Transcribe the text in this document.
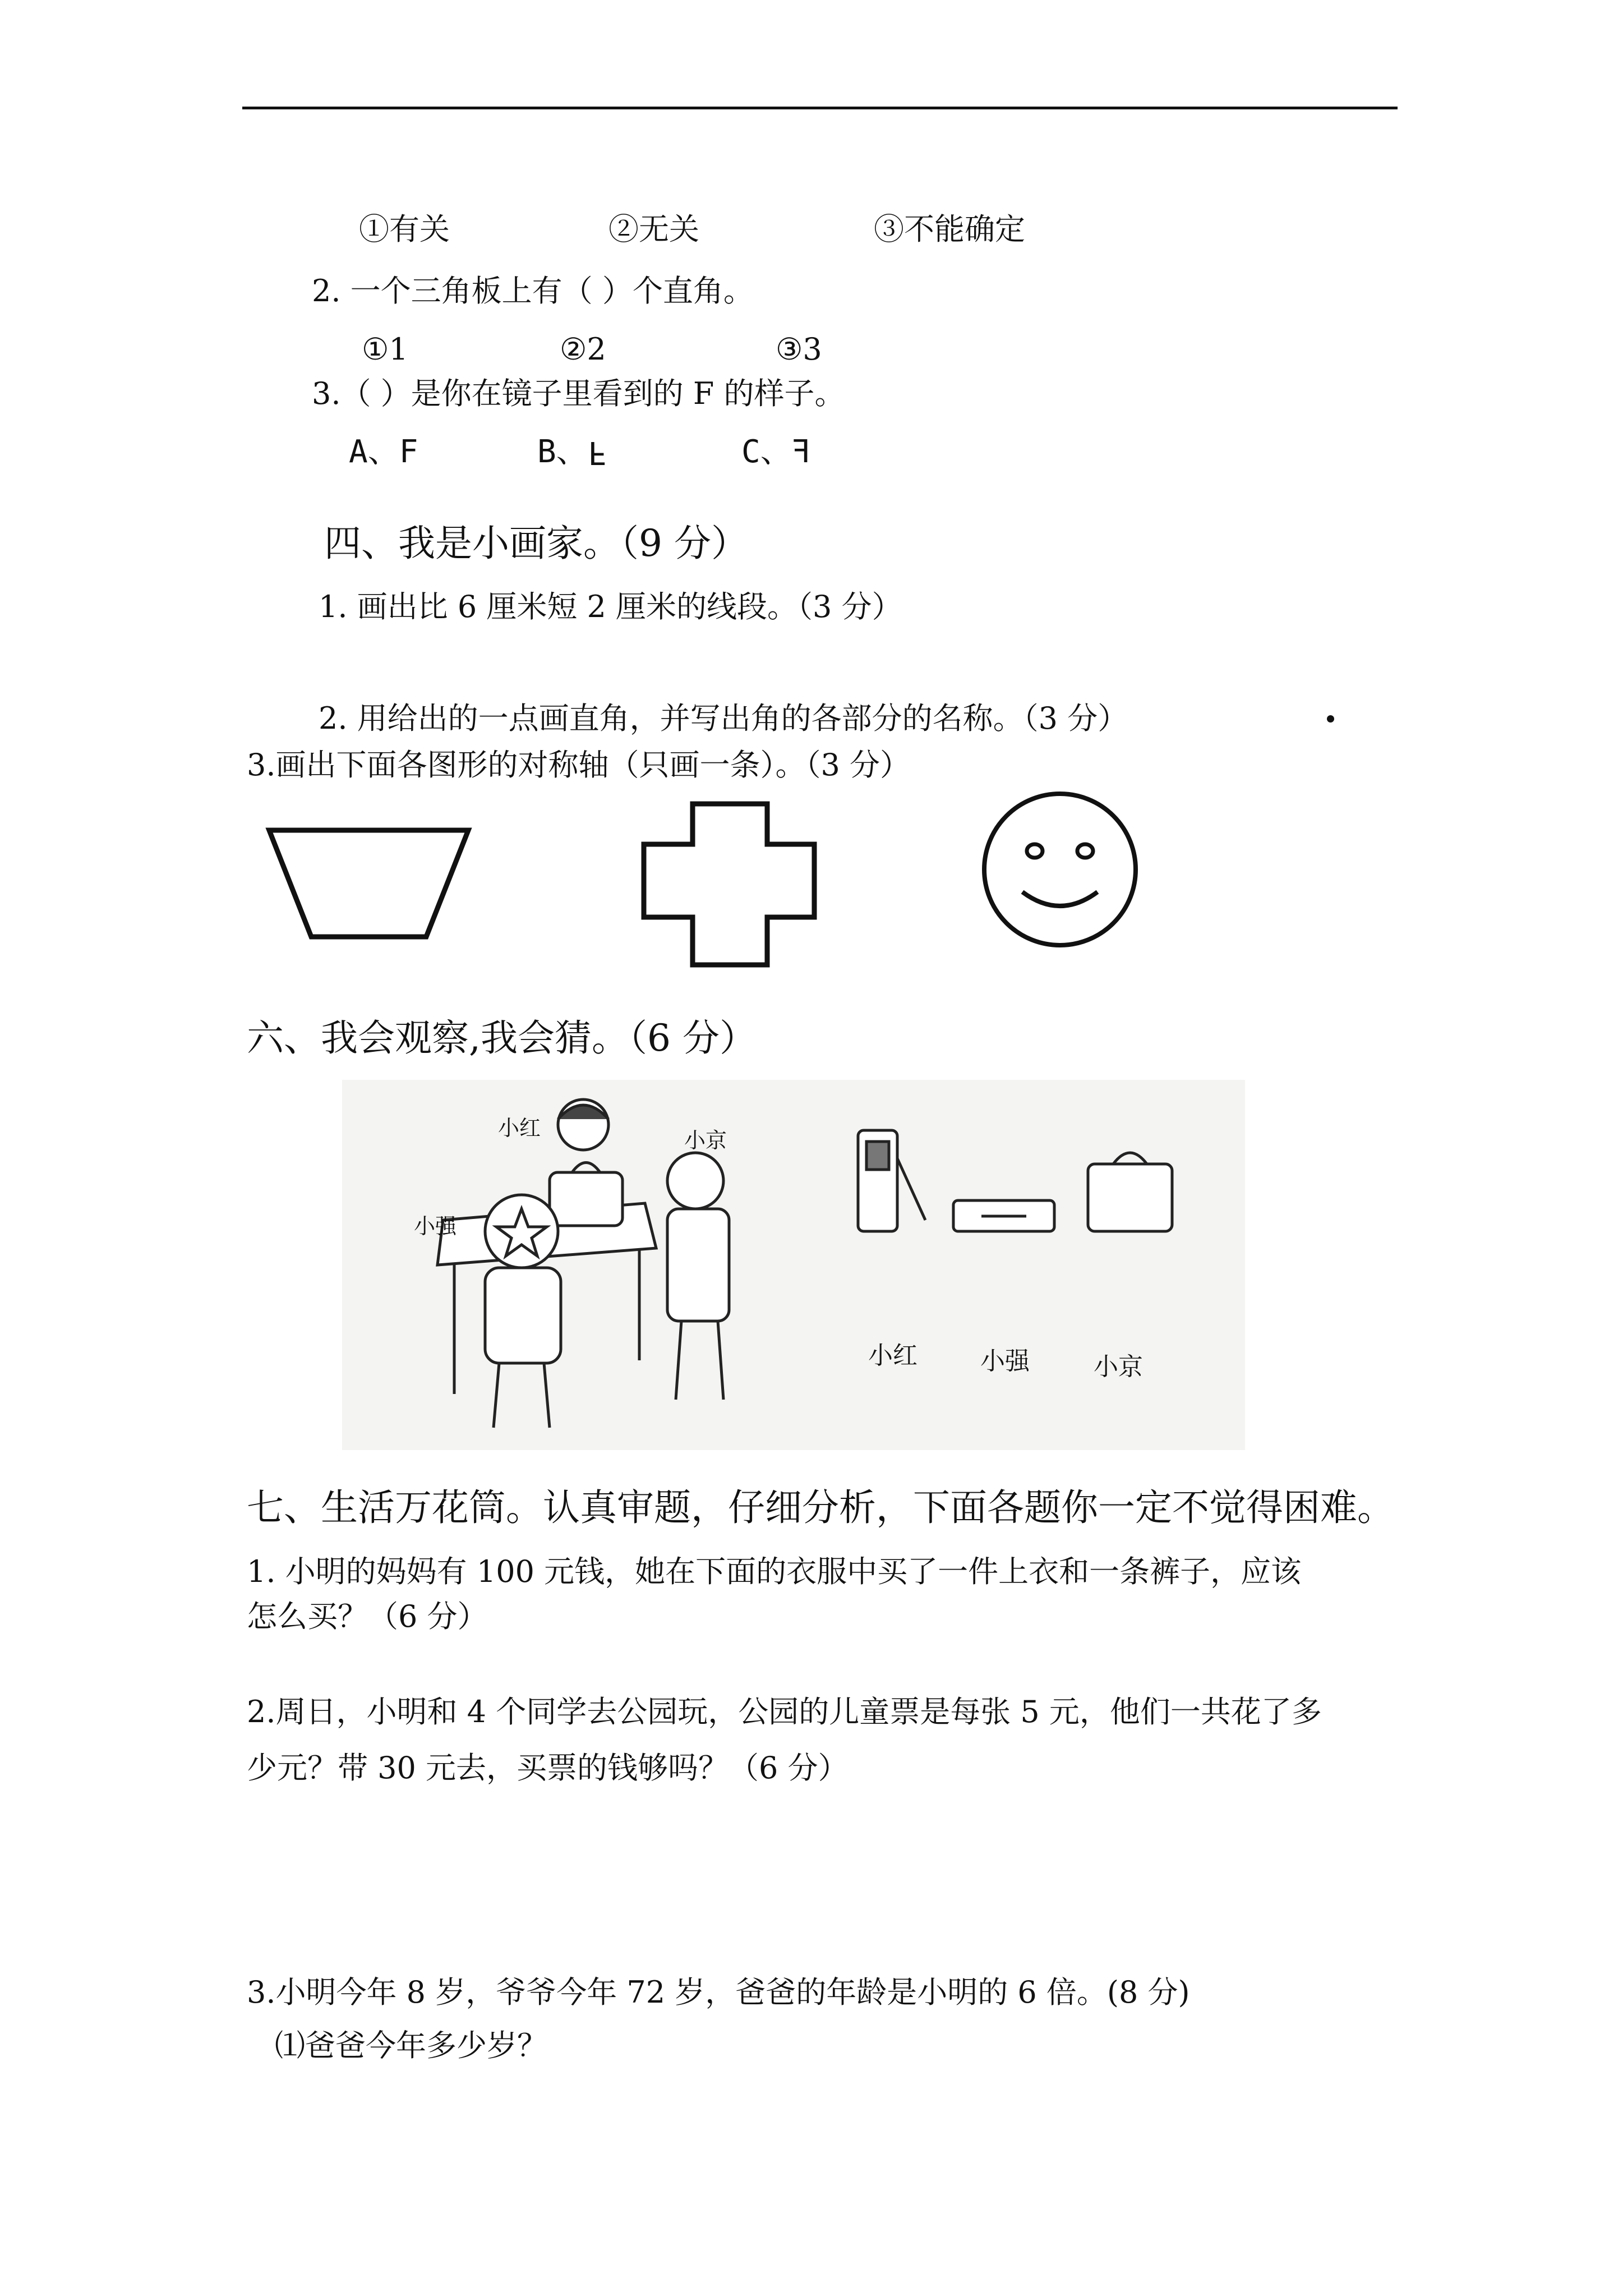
①有关	②无关	③不能确定
2. 一个三角板上有（ ）个直角。
①1	②2	③3
3.（ ）是你在镜子里看到的 F 的样子。
A、F	B、F	C、F
四、我是小画家。（9 分）
1. 画出比 6 厘米短 2 厘米的线段。（3 分）
2. 用给出的一点画直角，并写出角的各部分的名称。（3 分）
3.画出下面各图形的对称轴（只画一条）。（3 分）
六、我会观察,我会猜。（6 分）
小红	小京
小强
小红	小强	小京
七、生活万花筒。认真审题，仔细分析，下面各题你一定不觉得困难。
1. 小明的妈妈有 100 元钱，她在下面的衣服中买了一件上衣和一条裤子，应该
怎么买？（6 分）
2.周日，小明和 4 个同学去公园玩，公园的儿童票是每张 5 元，他们一共花了多
少元？带 30 元去，买票的钱够吗？（6 分）
3.小明今年 8 岁，爷爷今年 72 岁，爸爸的年龄是小明的 6 倍。(8 分)
⑴爸爸今年多少岁？
